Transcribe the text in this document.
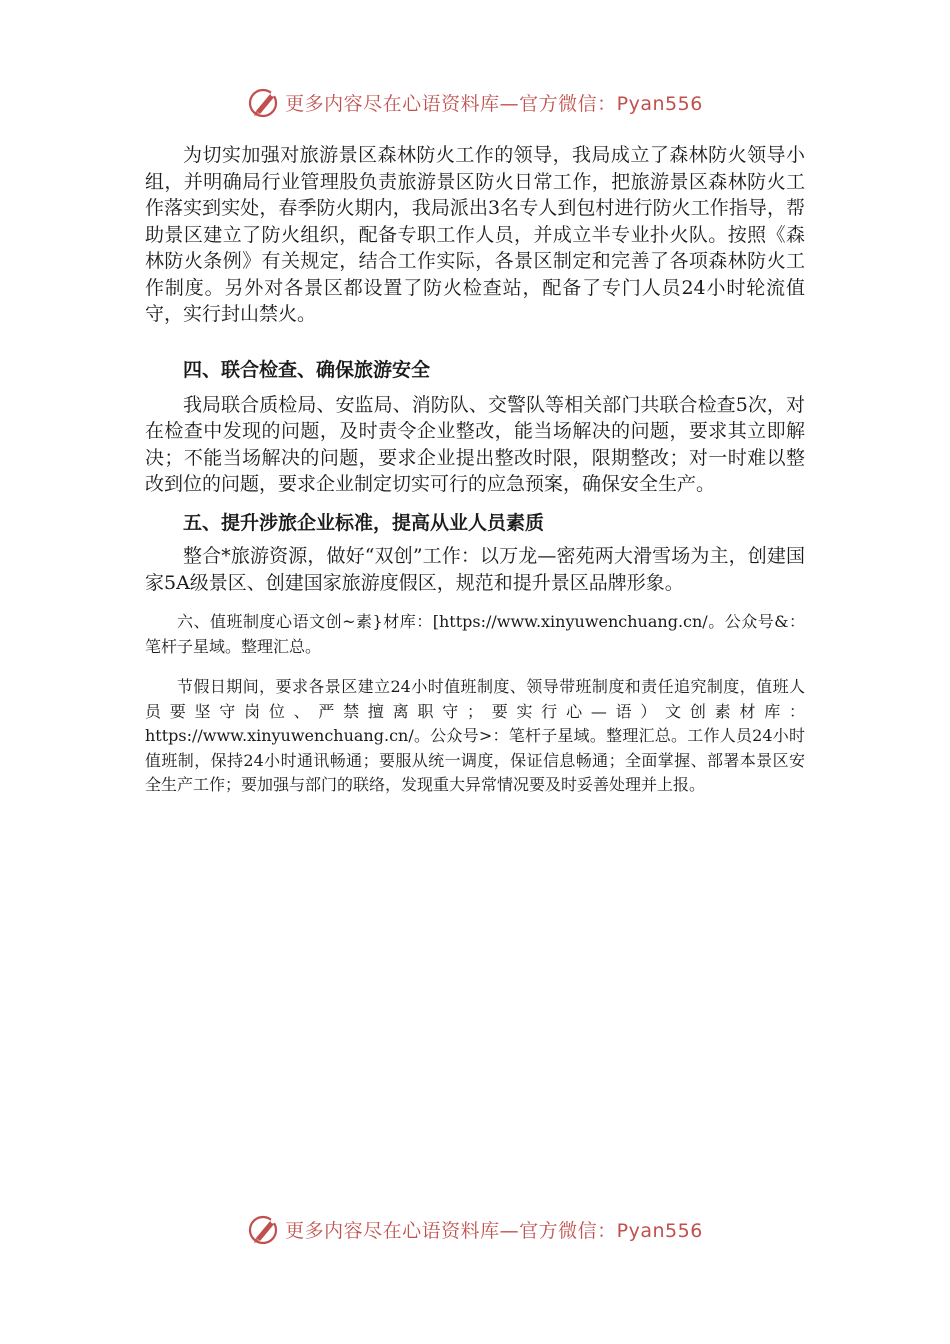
更多内容尽在心语资料库—官方微信：Pyan556

为切实加强对旅游景区森林防火工作的领导，我局成立了森林防火领导小组，并明确局行业管理股负责旅游景区防火日常工作，把旅游景区森林防火工作落实到实处，春季防火期内，我局派出3名专人到包村进行防火工作指导，帮助景区建立了防火组织，配备专职工作人员，并成立半专业扑火队。按照《森林防火条例》有关规定，结合工作实际，各景区制定和完善了各项森林防火工作制度。另外对各景区都设置了防火检查站，配备了专门人员24小时轮流值守，实行封山禁火。

四、联合检查、确保旅游安全

我局联合质检局、安监局、消防队、交警队等相关部门共联合检查5次，对在检查中发现的问题，及时责令企业整改，能当场解决的问题，要求其立即解决；不能当场解决的问题，要求企业提出整改时限，限期整改；对一时难以整改到位的问题，要求企业制定切实可行的应急预案，确保安全生产。

五、提升涉旅企业标准，提高从业人员素质

整合*旅游资源，做好“双创”工作：以万龙—密苑两大滑雪场为主，创建国家5A级景区、创建国家旅游度假区，规范和提升景区品牌形象。

六、值班制度心语文创~素}材库：[https://www.xinyuwenchuang.cn/。公众号&：笔杆子星域。整理汇总。

节假日期间，要求各景区建立24小时值班制度、领导带班制度和责任追究制度，值班人员要坚守岗位、严禁擅离职守；要实行心—语）文创素材库：https://www.xinyuwenchuang.cn/。公众号>：笔杆子星域。整理汇总。工作人员24小时值班制，保持24小时通讯畅通；要服从统一调度，保证信息畅通；全面掌握、部署本景区安全生产工作；要加强与部门的联络，发现重大异常情况要及时妥善处理并上报。

更多内容尽在心语资料库—官方微信：Pyan556
